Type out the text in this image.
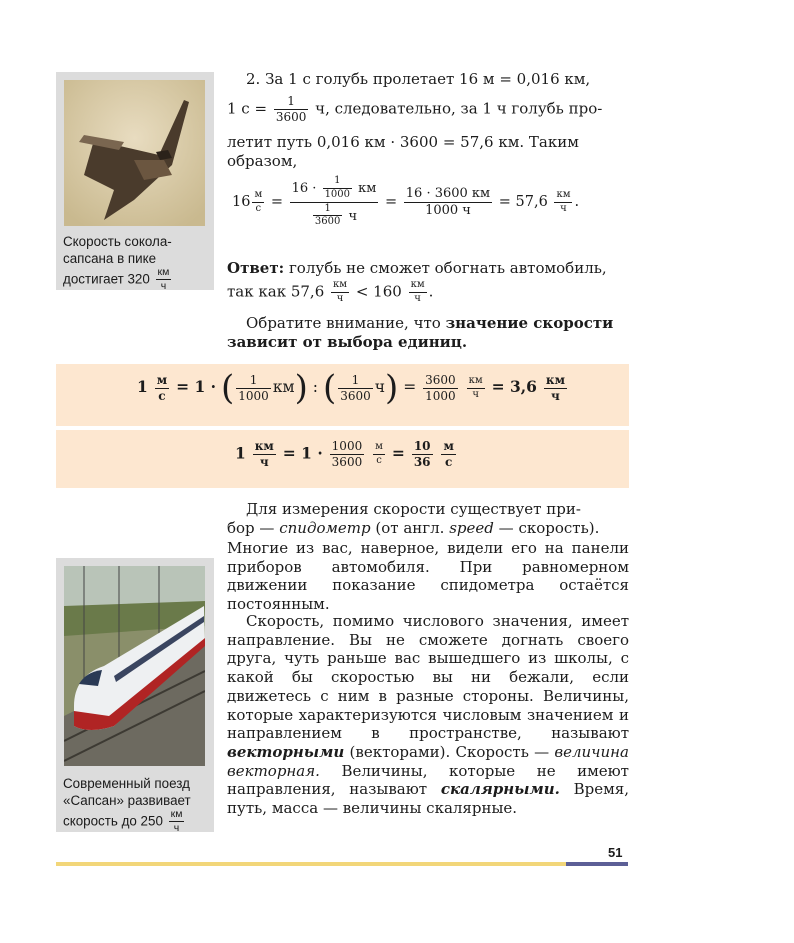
Скорость сокола-
сапсана в пике
достигает $320 \frac{км}{ч}$
2. За 1 с голубь пролетает 16 м = 0,016 км,
1 $с = \frac{1}{3600} ч$, следовательно, за 1 ч голубь про-
летит путь 0,016 км · 3600 = 57,6 км. Таким
образом,
$16 \frac{м}{с} = \frac{16 \cdot \frac{1}{1000} км}{\frac{1}{3600} ч} = \frac{16 \cdot 3600 км}{1000 ч} = 57,6 \frac{км}{ч}$ .
Ответ: голубь не сможет обогнать автомобиль,
так как $57,6 \frac{км}{ч} < 160 \frac{км}{ч}$ .
Обратите внимание, что значение скорости
зависит от выбора единиц.
$1 \frac{м}{с} = 1$ · ( $\frac{1}{1000} км$) : ( $\frac{1}{3600} ч) = \frac{3600}{1000}$
$\frac{км}{ч} = 3,6 \frac{км}{ч}$
$1 \frac{км}{ч} = 1 \cdot \frac{1000}{3600}$
$\frac{м}{с} = \frac{10}{36}$
$\frac{м}{с}$
Современный поезд
«Сапсан» развивает
скорость до $250 \frac{км}{ч}$
Для измерения скорости существует при-
бор — спидометр (от англ. speed — скорость).
Многие из вас, наверное, видели его на панели приборов автомобиля. При равномерном движении показание спидометра остаётся постоянным.
Скорость, помимо числового значения, имеет направление. Вы не сможете догнать своего друга, чуть раньше вас вышедшего из школы, с какой бы скоростью вы ни бежали, если движетесь с ним в разные стороны. Величины, которые характеризуются числовым значением и направлением в пространстве, называют векторными (векторами). Скорость — величина векторная. Величины, которые не имеют направления, называют скалярными. Время, путь, масса — величины скалярные.
51
